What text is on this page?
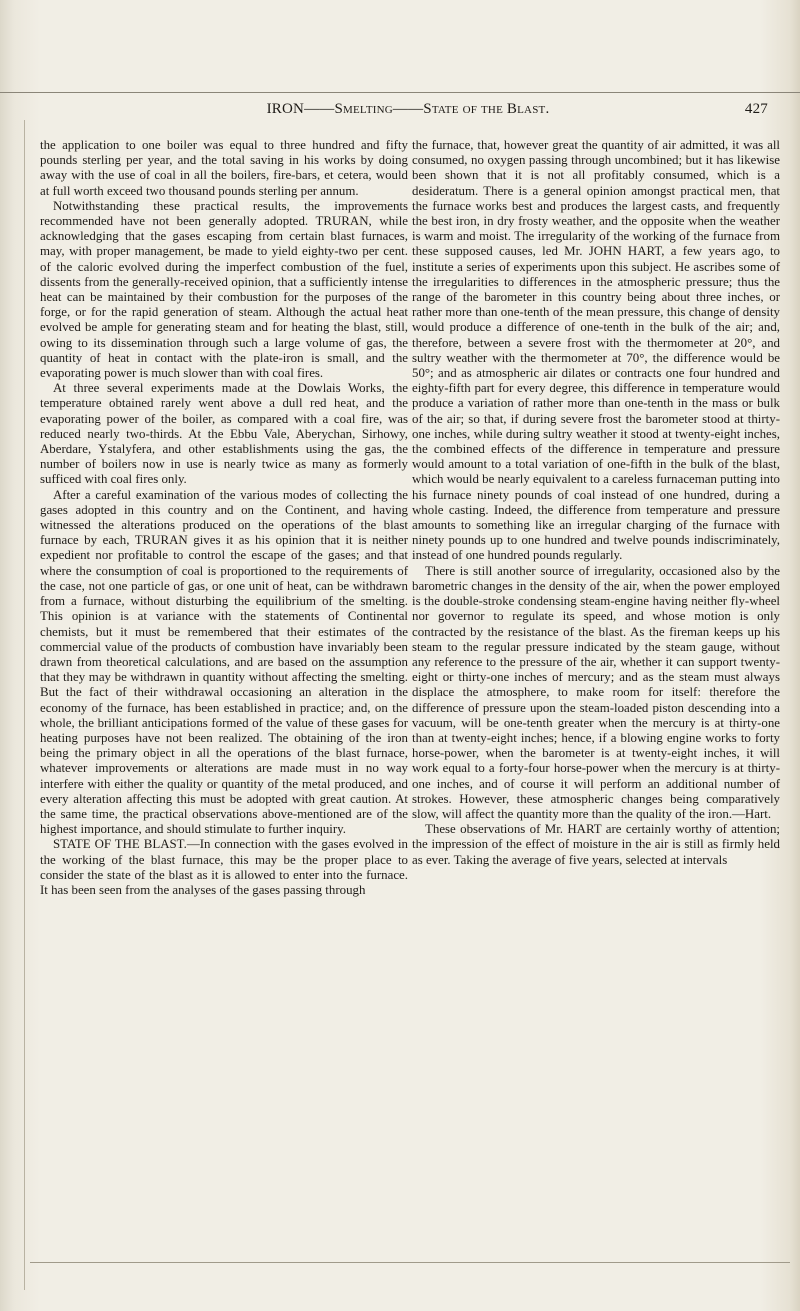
IRON——Smelting——State of the Blast.	427

the application to one boiler was equal to three hundred and fifty pounds sterling per year, and the total saving in his works by doing away with the use of coal in all the boilers, fire-bars, et cetera, would at full worth exceed two thousand pounds sterling per annum.

Notwithstanding these practical results, the improvements recommended have not been generally adopted. TRURAN, while acknowledging that the gases escaping from certain blast furnaces, may, with proper management, be made to yield eighty-two per cent. of the caloric evolved during the imperfect combustion of the fuel, dissents from the generally-received opinion, that a sufficiently intense heat can be maintained by their combustion for the purposes of the forge, or for the rapid generation of steam. Although the actual heat evolved be ample for generating steam and for heating the blast, still, owing to its dissemination through such a large volume of gas, the quantity of heat in contact with the plate-iron is small, and the evaporating power is much slower than with coal fires.

At three several experiments made at the Dowlais Works, the temperature obtained rarely went above a dull red heat, and the evaporating power of the boiler, as compared with a coal fire, was reduced nearly two-thirds. At the Ebbu Vale, Aberychan, Sirhowy, Aberdare, Ystalyfera, and other establishments using the gas, the number of boilers now in use is nearly twice as many as formerly sufficed with coal fires only.

After a careful examination of the various modes of collecting the gases adopted in this country and on the Continent, and having witnessed the alterations produced on the operations of the blast furnace by each, TRURAN gives it as his opinion that it is neither expedient nor profitable to control the escape of the gases; and that where the consumption of coal is proportioned to the requirements of the case, not one particle of gas, or one unit of heat, can be withdrawn from a furnace, without disturbing the equilibrium of the smelting. This opinion is at variance with the statements of Continental chemists, but it must be remembered that their estimates of the commercial value of the products of combustion have invariably been drawn from theoretical calculations, and are based on the assumption that they may be withdrawn in quantity without affecting the smelting. But the fact of their withdrawal occasioning an alteration in the economy of the furnace, has been established in practice; and, on the whole, the brilliant anticipations formed of the value of these gases for heating purposes have not been realized. The obtaining of the iron being the primary object in all the operations of the blast furnace, whatever improvements or alterations are made must in no way interfere with either the quality or quantity of the metal produced, and every alteration affecting this must be adopted with great caution. At the same time, the practical observations above-mentioned are of the highest importance, and should stimulate to further inquiry.

STATE OF THE BLAST.—In connection with the gases evolved in the working of the blast furnace, this may be the proper place to consider the state of the blast as it is allowed to enter into the furnace. It has been seen from the analyses of the gases passing through

the furnace, that, however great the quantity of air admitted, it was all consumed, no oxygen passing through uncombined; but it has likewise been shown that it is not all profitably consumed, which is a desideratum. There is a general opinion amongst practical men, that the furnace works best and produces the largest casts, and frequently the best iron, in dry frosty weather, and the opposite when the weather is warm and moist. The irregularity of the working of the furnace from these supposed causes, led Mr. JOHN HART, a few years ago, to institute a series of experiments upon this subject. He ascribes some of the irregularities to differences in the atmospheric pressure; thus the range of the barometer in this country being about three inches, or rather more than one-tenth of the mean pressure, this change of density would produce a difference of one-tenth in the bulk of the air; and, therefore, between a severe frost with the thermometer at 20°, and sultry weather with the thermometer at 70°, the difference would be 50°; and as atmospheric air dilates or contracts one four hundred and eighty-fifth part for every degree, this difference in temperature would produce a variation of rather more than one-tenth in the mass or bulk of the air; so that, if during severe frost the barometer stood at thirty-one inches, while during sultry weather it stood at twenty-eight inches, the combined effects of the difference in temperature and pressure would amount to a total variation of one-fifth in the bulk of the blast, which would be nearly equivalent to a careless furnaceman putting into his furnace ninety pounds of coal instead of one hundred, during a whole casting. Indeed, the difference from temperature and pressure amounts to something like an irregular charging of the furnace with ninety pounds up to one hundred and twelve pounds indiscriminately, instead of one hundred pounds regularly.

There is still another source of irregularity, occasioned also by the barometric changes in the density of the air, when the power employed is the double-stroke condensing steam-engine having neither fly-wheel nor governor to regulate its speed, and whose motion is only contracted by the resistance of the blast. As the fireman keeps up his steam to the regular pressure indicated by the steam gauge, without any reference to the pressure of the air, whether it can support twenty-eight or thirty-one inches of mercury; and as the steam must always displace the atmosphere, to make room for itself: therefore the difference of pressure upon the steam-loaded piston descending into a vacuum, will be one-tenth greater when the mercury is at thirty-one than at twenty-eight inches; hence, if a blowing engine works to forty horse-power, when the barometer is at twenty-eight inches, it will work equal to a forty-four horse-power when the mercury is at thirty-one inches, and of course it will perform an additional number of strokes. However, these atmospheric changes being comparatively slow, will affect the quantity more than the quality of the iron.—Hart.

These observations of Mr. HART are certainly worthy of attention; the impression of the effect of moisture in the air is still as firmly held as ever. Taking the average of five years, selected at intervals
